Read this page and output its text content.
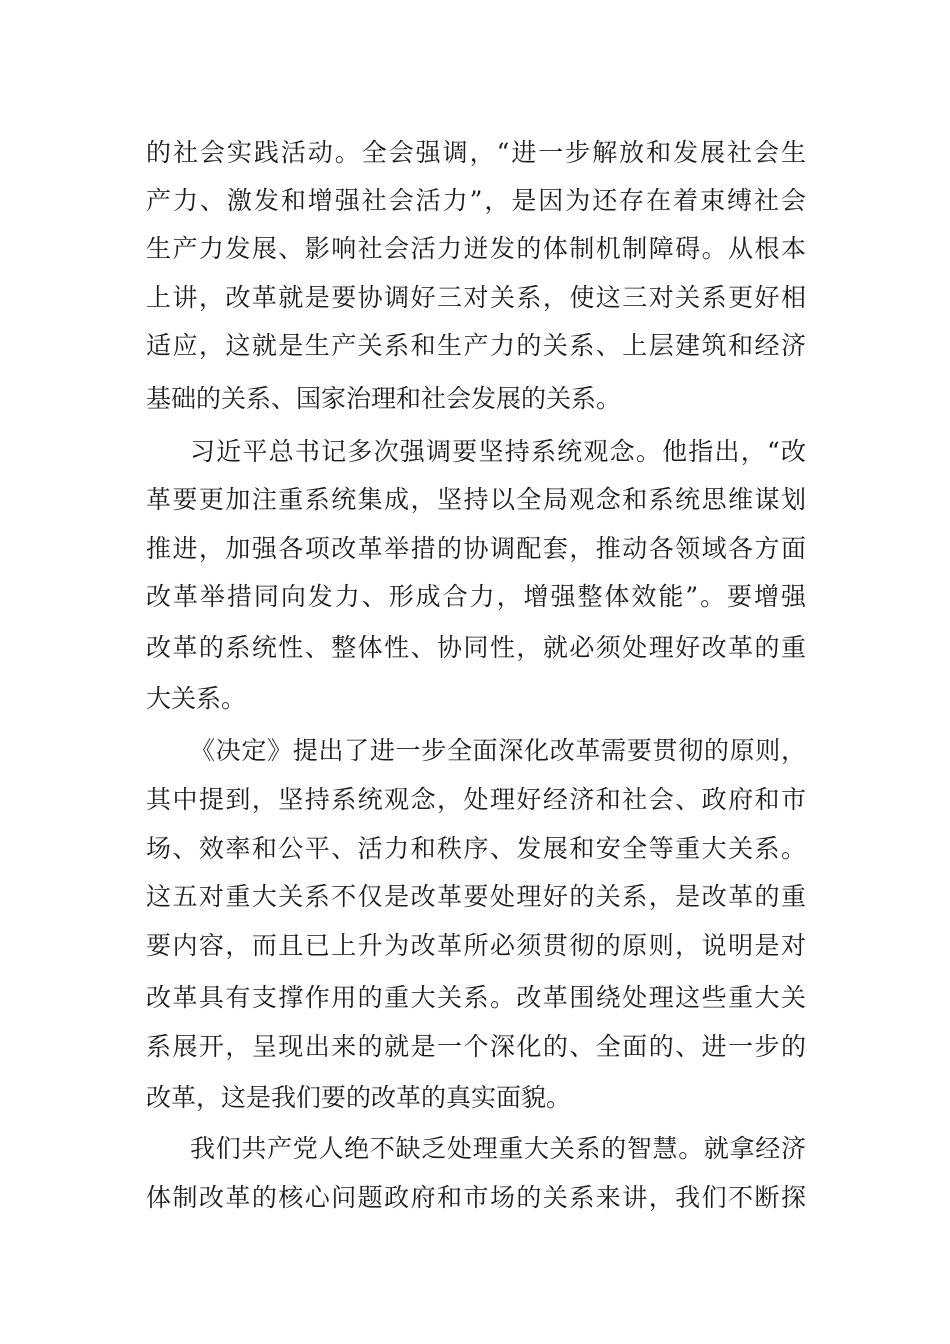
的社会实践活动。全会强调，“进一步解放和发展社会生
产力、激发和增强社会活力”，是因为还存在着束缚社会
生产力发展、影响社会活力迸发的体制机制障碍。从根本
上讲，改革就是要协调好三对关系，使这三对关系更好相
适应，这就是生产关系和生产力的关系、上层建筑和经济
基础的关系、国家治理和社会发展的关系。
习近平总书记多次强调要坚持系统观念。他指出，“改
革要更加注重系统集成，坚持以全局观念和系统思维谋划
推进，加强各项改革举措的协调配套，推动各领域各方面
改革举措同向发力、形成合力，增强整体效能”。要增强
改革的系统性、整体性、协同性，就必须处理好改革的重
大关系。
《决定》提出了进一步全面深化改革需要贯彻的原则，
其中提到，坚持系统观念，处理好经济和社会、政府和市
场、效率和公平、活力和秩序、发展和安全等重大关系。
这五对重大关系不仅是改革要处理好的关系，是改革的重
要内容，而且已上升为改革所必须贯彻的原则，说明是对
改革具有支撑作用的重大关系。改革围绕处理这些重大关
系展开，呈现出来的就是一个深化的、全面的、进一步的
改革，这是我们要的改革的真实面貌。
我们共产党人绝不缺乏处理重大关系的智慧。就拿经济
体制改革的核心问题政府和市场的关系来讲，我们不断探
